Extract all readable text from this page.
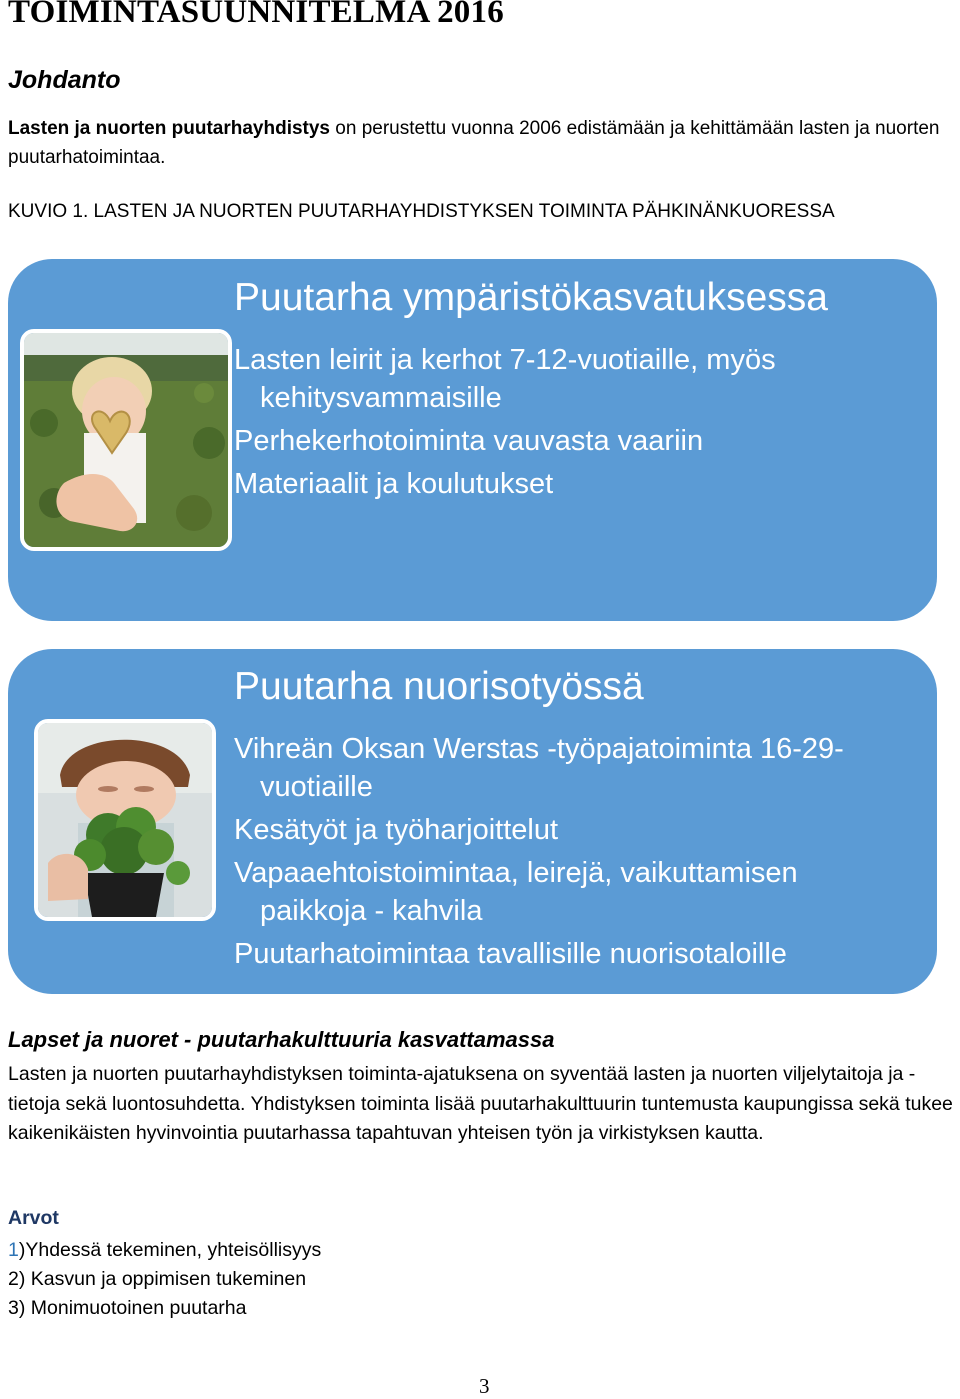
TOIMINTASUUNNITELMA 2016
Johdanto
Lasten ja nuorten puutarhayhdistys on perustettu vuonna 2006 edistämään ja kehittämään lasten ja nuorten puutarhatoimintaa.
KUVIO 1. LASTEN JA NUORTEN PUUTARHAYHDISTYKSEN TOIMINTA PÄHKINÄNKUORESSA
Puutarha ympäristökasvatuksessa
Lasten leirit ja kerhot 7-12-vuotiaille, myös kehitysvammaisille
Perhekerhotoiminta vauvasta vaariin
Materiaalit ja koulutukset
Puutarha nuorisotyössä
Vihreän Oksan Werstas -työpajatoiminta 16-29-vuotiaille
Kesätyöt ja työharjoittelut
Vapaaehtoistoimintaa, leirejä, vaikuttamisen paikkoja - kahvila
Puutarhatoimintaa tavallisille nuorisotaloille
Lapset ja nuoret - puutarhakulttuuria kasvattamassa
Lasten ja nuorten puutarhayhdistyksen toiminta-ajatuksena on syventää lasten ja nuorten viljelytaitoja ja -tietoja sekä luontosuhdetta. Yhdistyksen toiminta lisää puutarhakulttuurin tuntemusta kaupungissa sekä tukee kaikenikäisten hyvinvointia puutarhassa tapahtuvan yhteisen työn ja virkistyksen kautta.
Arvot
1)Yhdessä tekeminen, yhteisöllisyys
2) Kasvun ja oppimisen tukeminen
3) Monimuotoinen puutarha
3
